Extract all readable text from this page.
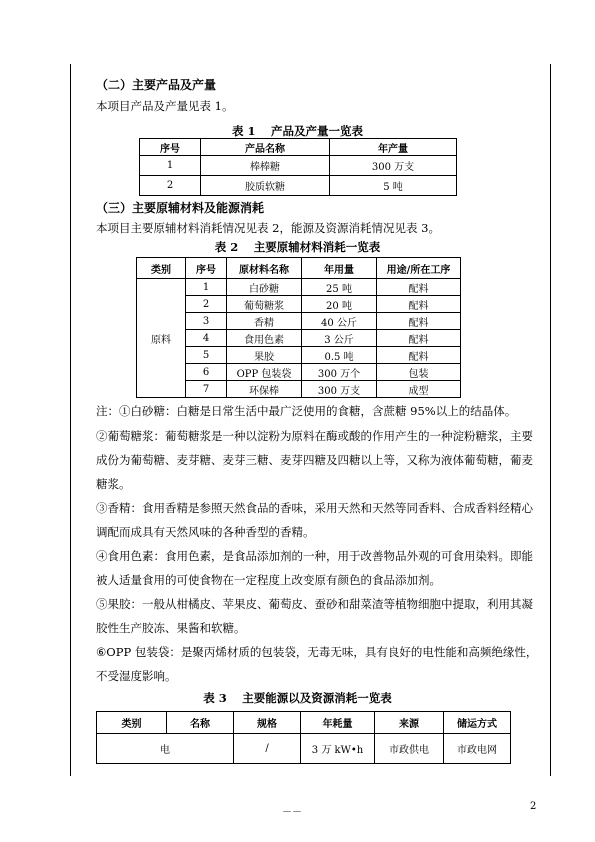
（二）主要产品及产量
本项目产品及产量见表 1。
表 1　 产品及产量一览表
序号	产品名称	年产量
1	棒棒糖	300 万支
2	胶质软糖	5 吨
（三）主要原辅材料及能源消耗
本项目主要原辅材料消耗情况见表 2，能源及资源消耗情况见表 3。
表 2　 主要原辅材料消耗一览表
类别	序号	原材料名称	年用量	用途/所在工序
原料	1	白砂糖	25 吨	配料
	2	葡萄糖浆	20 吨	配料
	3	香精	40 公斤	配料
	4	食用色素	3 公斤	配料
	5	果胶	0.5 吨	配料
	6	OPP 包装袋	300 万个	包装
	7	环保棒	300 万支	成型
注：①白砂糖：白糖是日常生活中最广泛使用的食糖，含蔗糖 95%以上的结晶体。
②葡萄糖浆：葡萄糖浆是一种以淀粉为原料在酶或酸的作用产生的一种淀粉糖浆，主要成份为葡萄糖、麦芽糖、麦芽三糖、麦芽四糖及四糖以上等，又称为液体葡萄糖，葡麦糖浆。
③香精：食用香精是参照天然食品的香味，采用天然和天然等同香料、合成香料经精心调配而成具有天然风味的各种香型的香精。
④食用色素：食用色素，是食品添加剂的一种，用于改善物品外观的可食用染料。即能被人适量食用的可使食物在一定程度上改变原有颜色的食品添加剂。
⑤果胶：一般从柑橘皮、苹果皮、葡萄皮、蚕砂和甜菜渣等植物细胞中提取，利用其凝胶性生产胶冻、果酱和软糖。
⑥OPP 包装袋：是聚丙烯材质的包装袋，无毒无味，具有良好的电性能和高频绝缘性，不受湿度影响。
表 3　 主要能源以及资源消耗一览表
类别	名称	规格	年耗量	来源	储运方式
电		/	3 万 kW•h	市政供电	市政电网
－－
2
